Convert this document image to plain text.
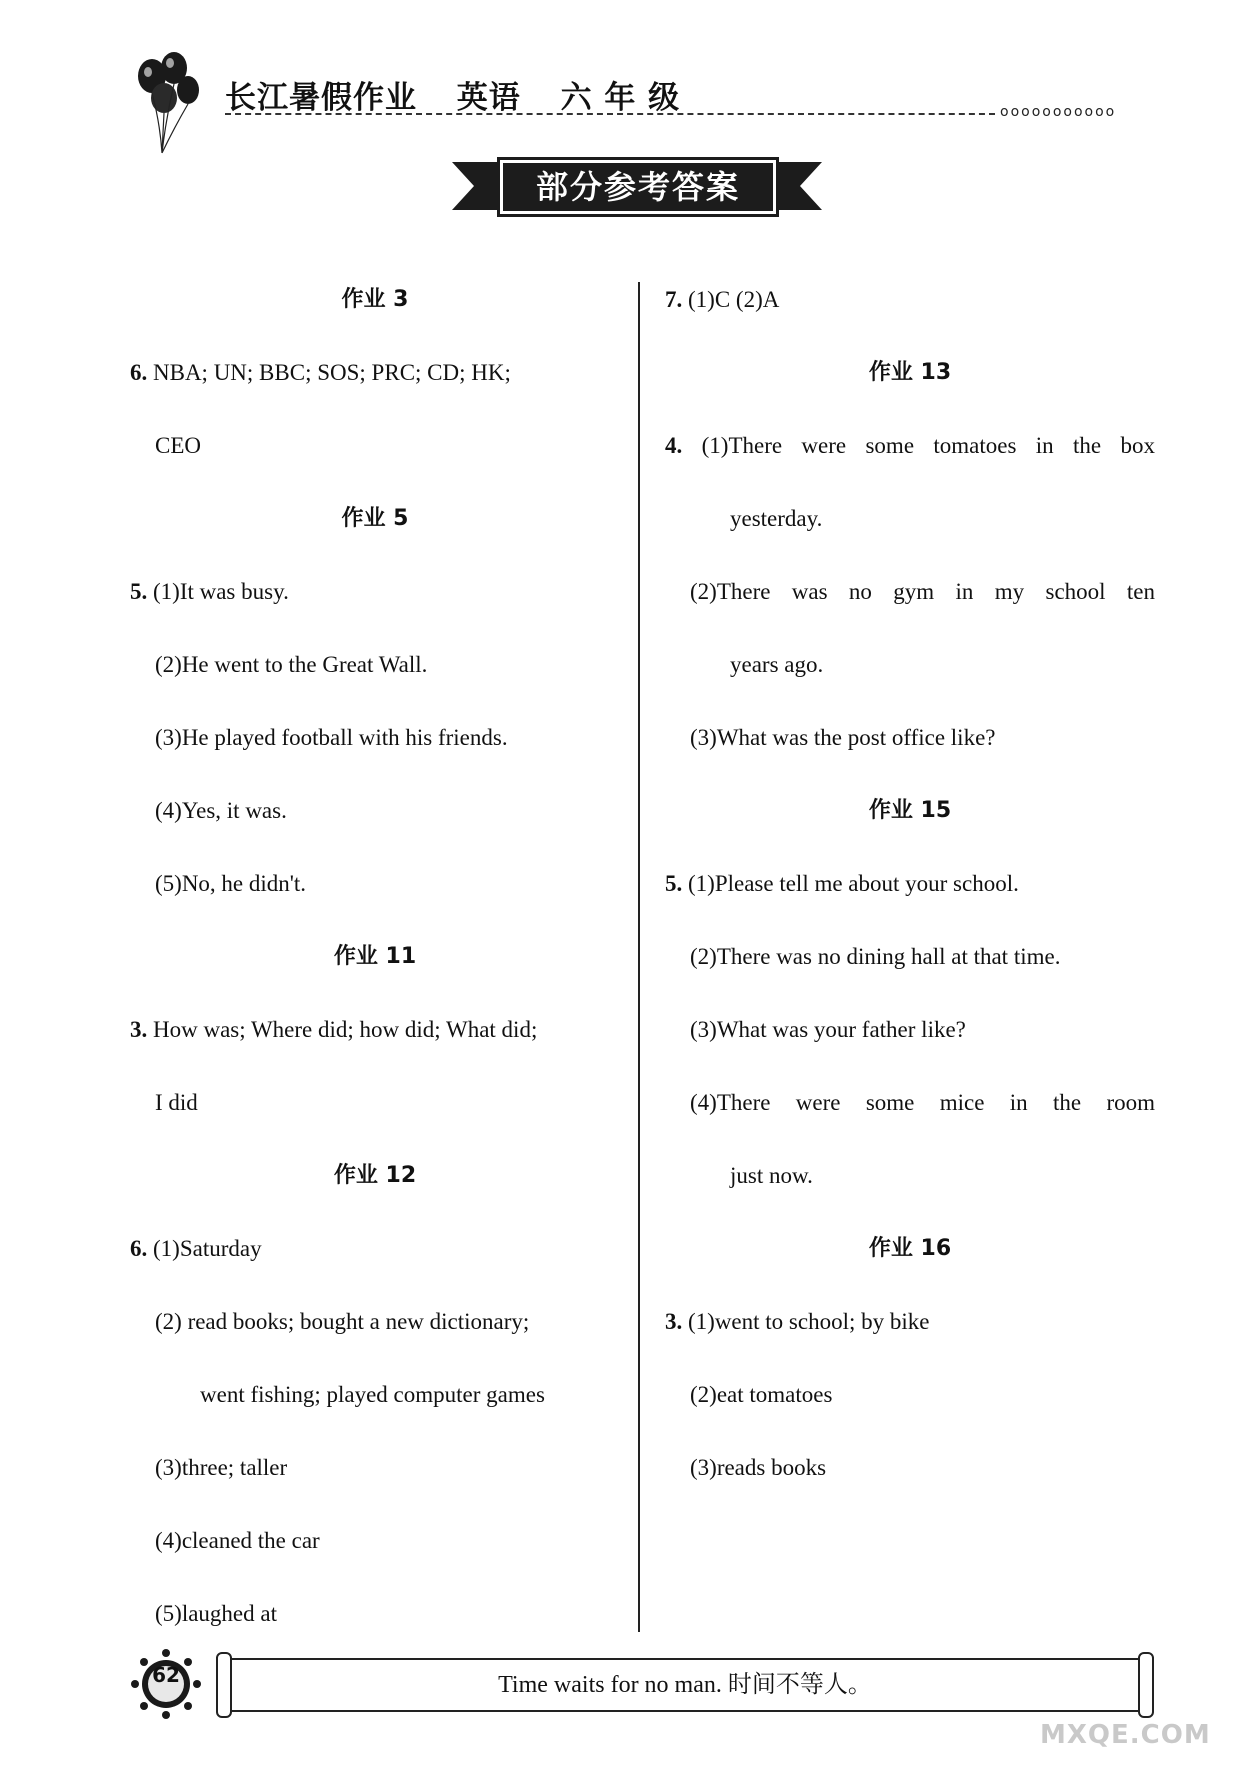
长江暑假作业 英语 六 年 级	ooooooooooo
部分参考答案
作业 3
6. NBA; UN; BBC; SOS; PRC; CD; HK;
CEO
作业 5
5. (1)It was busy.
(2)He went to the Great Wall.
(3)He played football with his friends.
(4)Yes, it was.
(5)No, he didn't.
作业 11
3. How was; Where did; how did; What did;
I did
作业 12
6. (1)Saturday
(2) read books; bought a new dictionary;
went fishing; played computer games
(3)three; taller
(4)cleaned the car
(5)laughed at
7. (1)C (2)A
作业 13
4. (1)There were some tomatoes in the box
yesterday.
(2)There was no gym in my school ten
years ago.
(3)What was the post office like?
作业 15
5. (1)Please tell me about your school.
(2)There was no dining hall at that time.
(3)What was your father like?
(4)There were some mice in the room
just now.
作业 16
3. (1)went to school; by bike
(2)eat tomatoes
(3)reads books
62	Time waits for no man. 时间不等人。
MXQE.COM
